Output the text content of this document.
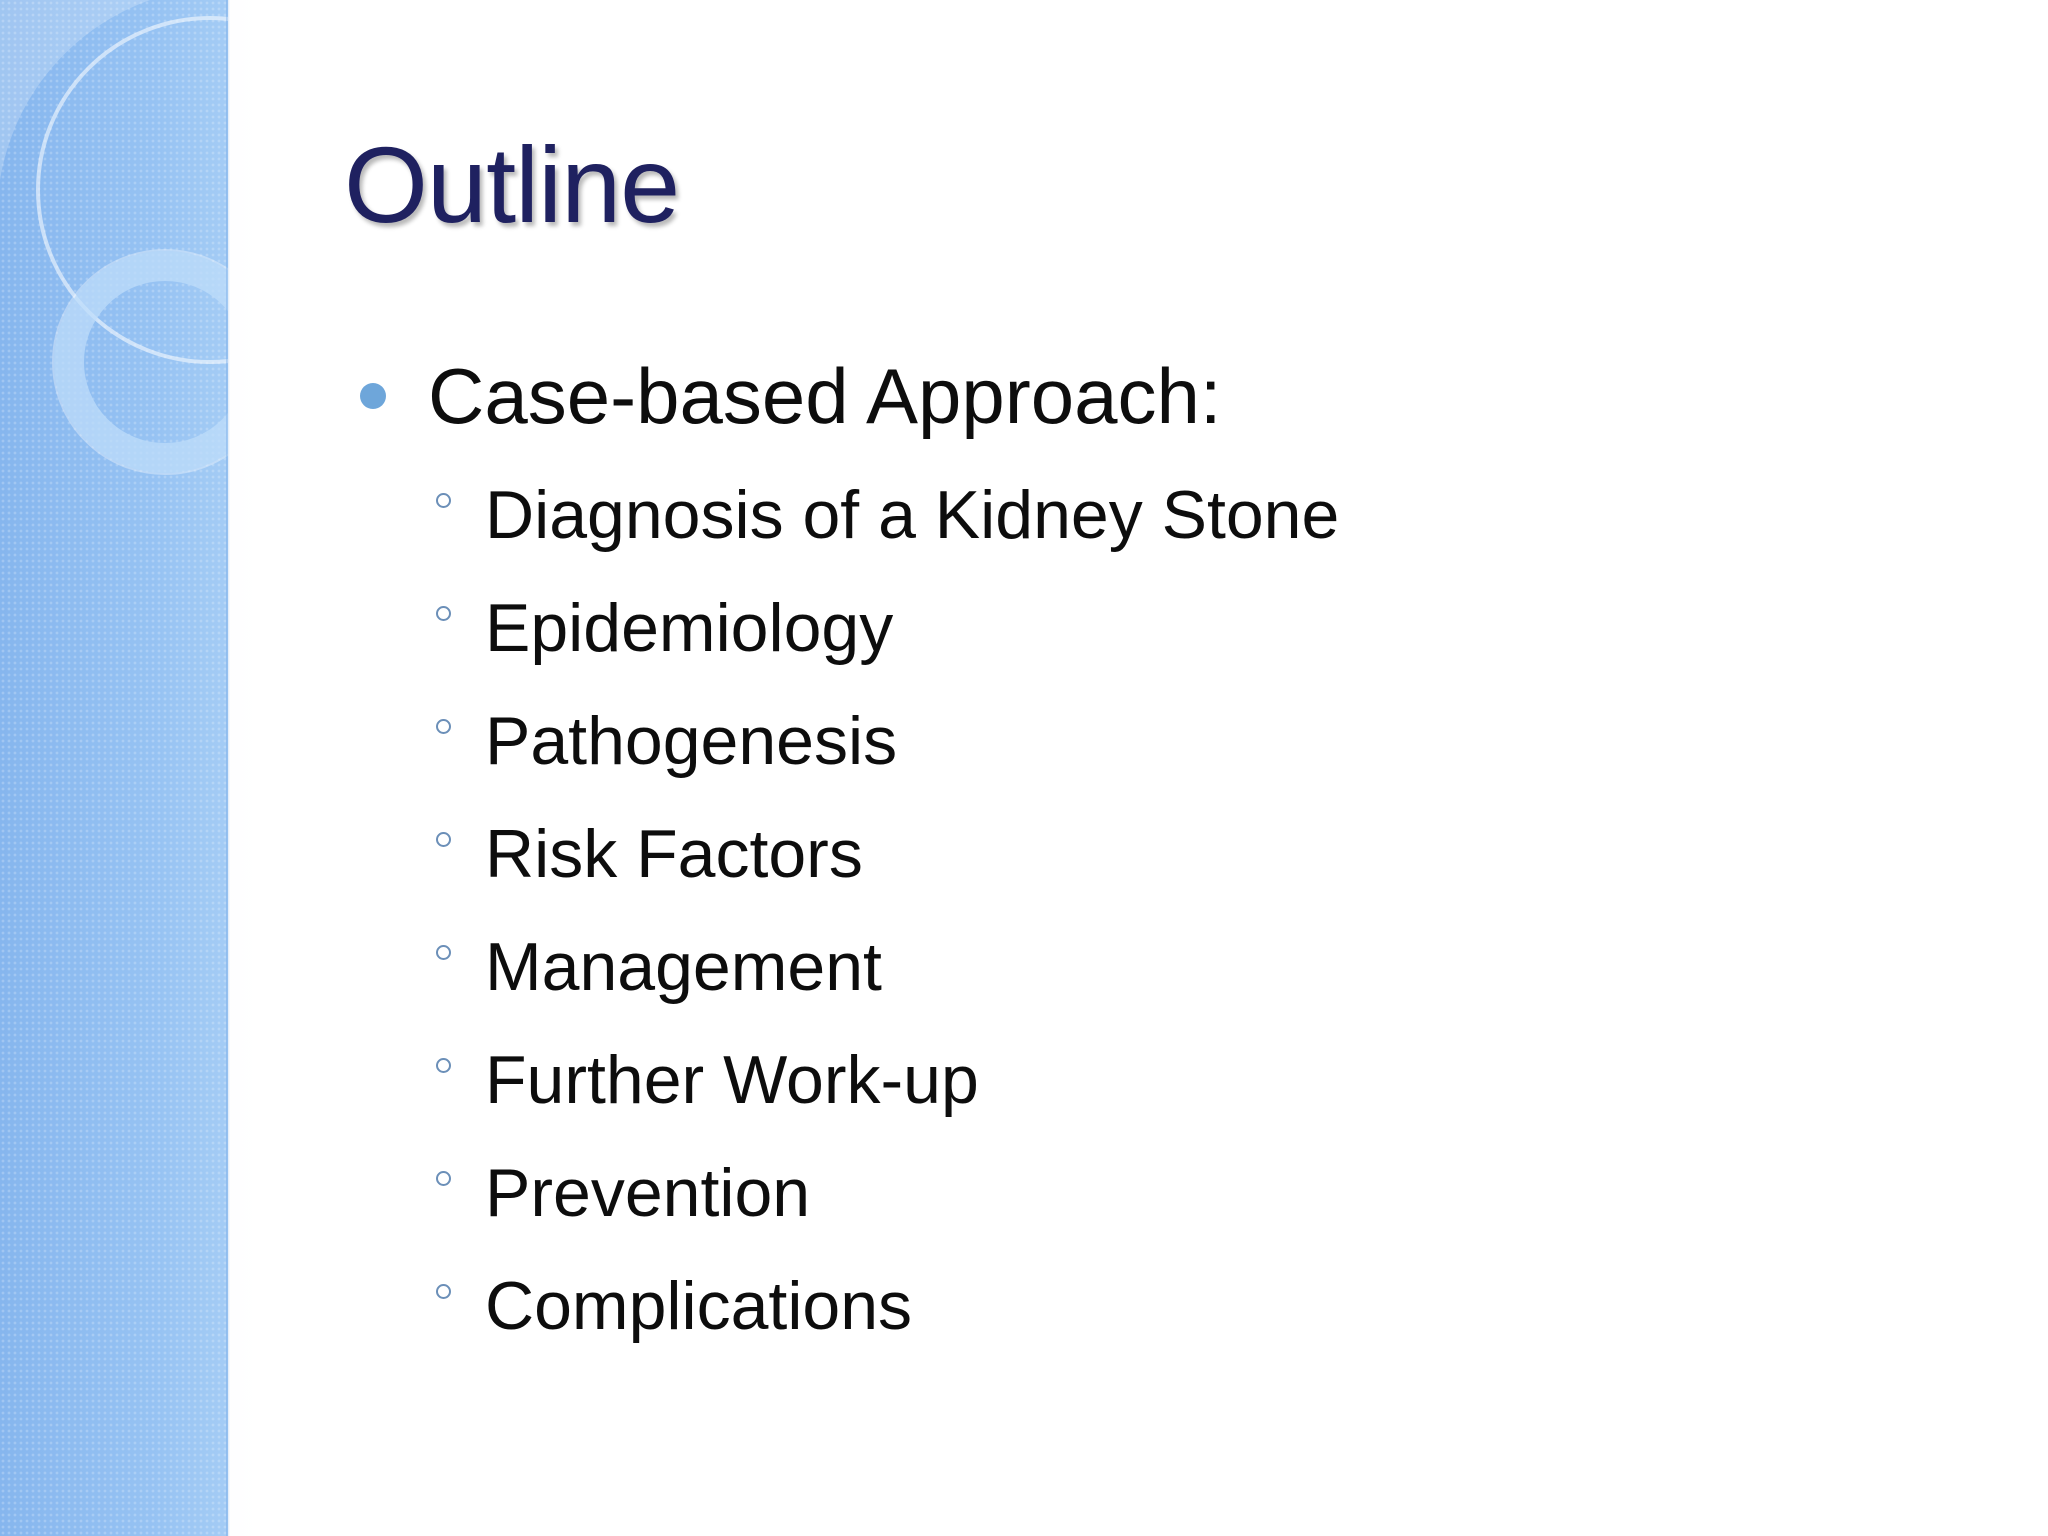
Outline
Case-based Approach:
Diagnosis of a Kidney Stone
Epidemiology
Pathogenesis
Risk Factors
Management
Further Work-up
Prevention
Complications
